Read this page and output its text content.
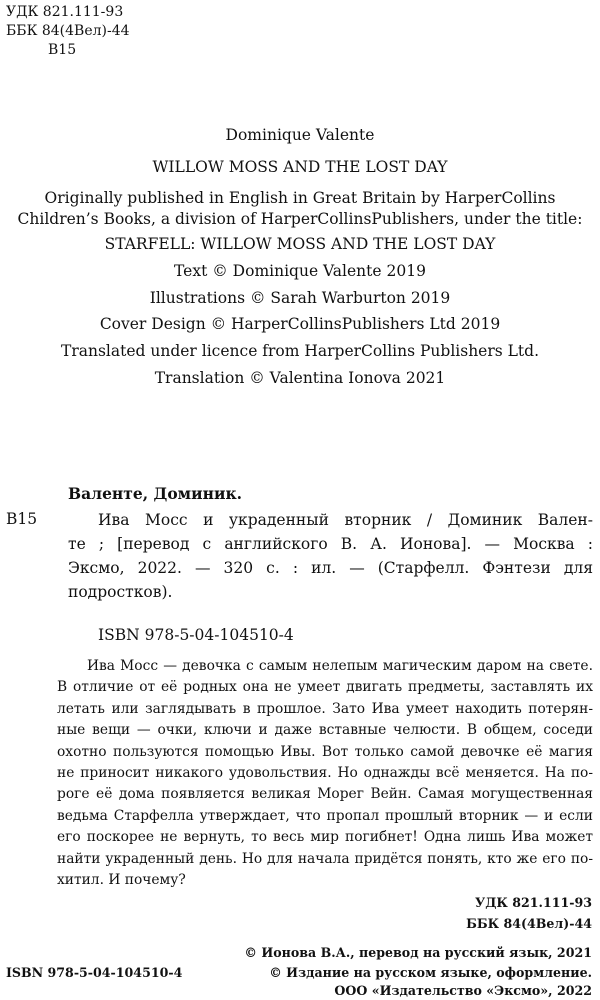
УДК 821.111-93
ББК 84(4Вел)-44
В15
Dominique Valente
WILLOW MOSS AND THE LOST DAY
Originally published in English in Great Britain by HarperCollins
Children’s Books, a division of HarperCollinsPublishers, under the title:
STARFELL: WILLOW MOSS AND THE LOST DAY
Text © Dominique Valente 2019
Illustrations © Sarah Warburton 2019
Cover Design © HarperCollinsPublishers Ltd 2019
Translated under licence from HarperCollins Publishers Ltd.
Translation © Valentina Ionova 2021
Валенте, Доминик.
В15	Ива Мосс и украденный вторник / Доминик Вален-
те ; [перевод с английского В. А. Ионова]. — Москва :
Эксмо, 2022. — 320 с. : ил. — (Старфелл. Фэнтези для
подростков).
ISBN 978-5-04-104510-4
Ива Мосс — девочка с самым нелепым магическим даром на свете.
В отличие от её родных она не умеет двигать предметы, заставлять их
летать или заглядывать в прошлое. Зато Ива умеет находить потерян-
ные вещи — очки, ключи и даже вставные челюсти. В общем, соседи
охотно пользуются помощью Ивы. Вот только самой девочке её магия
не приносит никакого удовольствия. Но однажды всё меняется. На по-
роге её дома появляется великая Морег Вейн. Самая могущественная
ведьма Старфелла утверждает, что пропал прошлый вторник — и если
его поскорее не вернуть, то весь мир погибнет! Одна лишь Ива может
найти украденный день. Но для начала придётся понять, кто же его по-
хитил. И почему?
УДК 821.111-93
ББК 84(4Вел)-44
© Ионова В.А., перевод на русский язык, 2021
© Издание на русском языке, оформление.
ООО «Издательство «Эксмо», 2022
ISBN 978-5-04-104510-4
